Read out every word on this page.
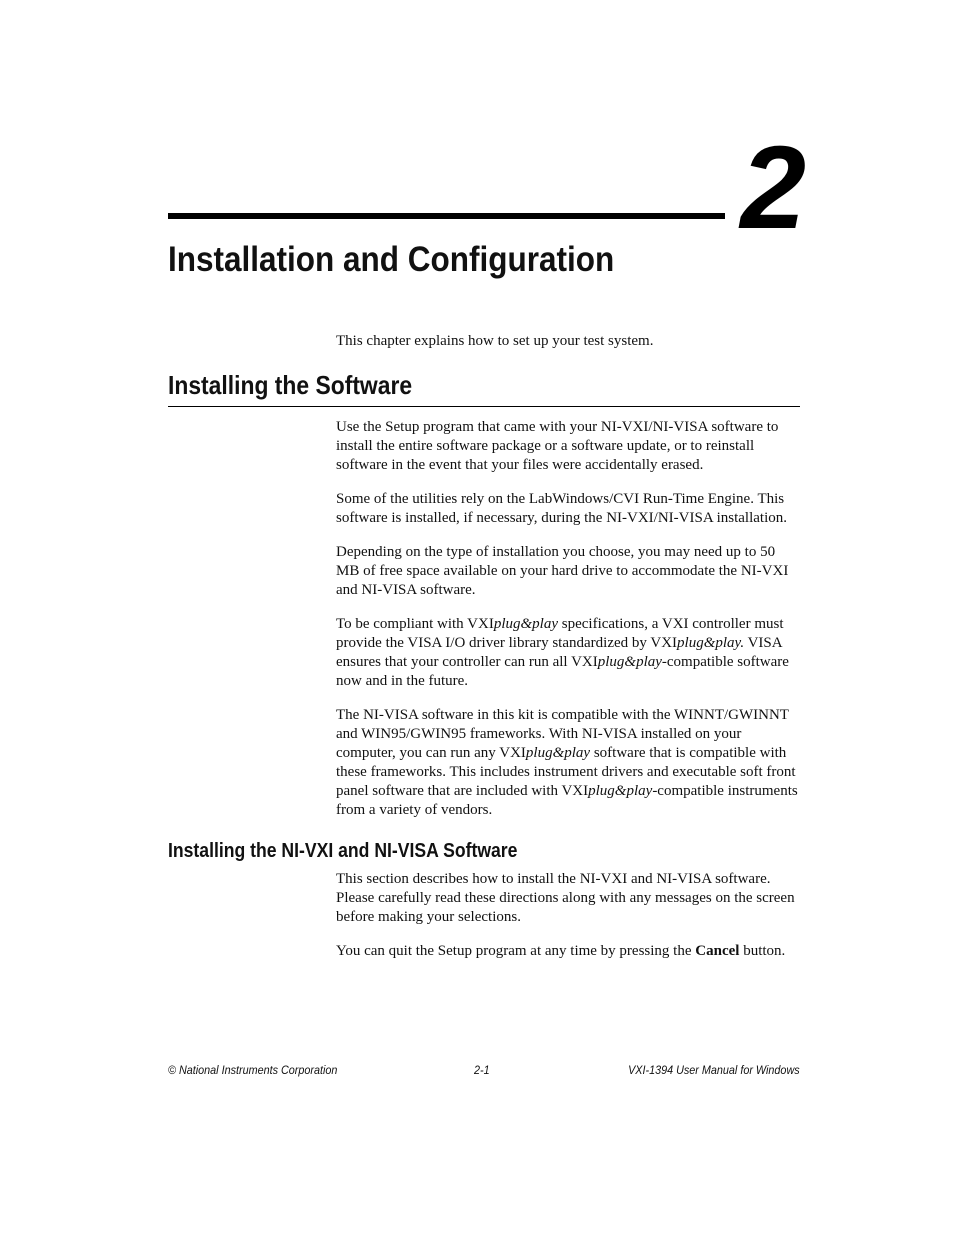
2
Installation and Configuration

This chapter explains how to set up your test system.

Installing the Software

Use the Setup program that came with your NI-VXI/NI-VISA software to install the entire software package or a software update, or to reinstall software in the event that your files were accidentally erased.

Some of the utilities rely on the LabWindows/CVI Run-Time Engine. This software is installed, if necessary, during the NI-VXI/NI-VISA installation.

Depending on the type of installation you choose, you may need up to 50 MB of free space available on your hard drive to accommodate the NI-VXI and NI-VISA software.

To be compliant with VXIplug&play specifications, a VXI controller must provide the VISA I/O driver library standardized by VXIplug&play. VISA ensures that your controller can run all VXIplug&play-compatible software now and in the future.

The NI-VISA software in this kit is compatible with the WINNT/GWINNT and WIN95/GWIN95 frameworks. With NI-VISA installed on your computer, you can run any VXIplug&play software that is compatible with these frameworks. This includes instrument drivers and executable soft front panel software that are included with VXIplug&play-compatible instruments from a variety of vendors.

Installing the NI-VXI and NI-VISA Software

This section describes how to install the NI-VXI and NI-VISA software. Please carefully read these directions along with any messages on the screen before making your selections.

You can quit the Setup program at any time by pressing the Cancel button.

© National Instruments Corporation	2-1	VXI-1394 User Manual for Windows
